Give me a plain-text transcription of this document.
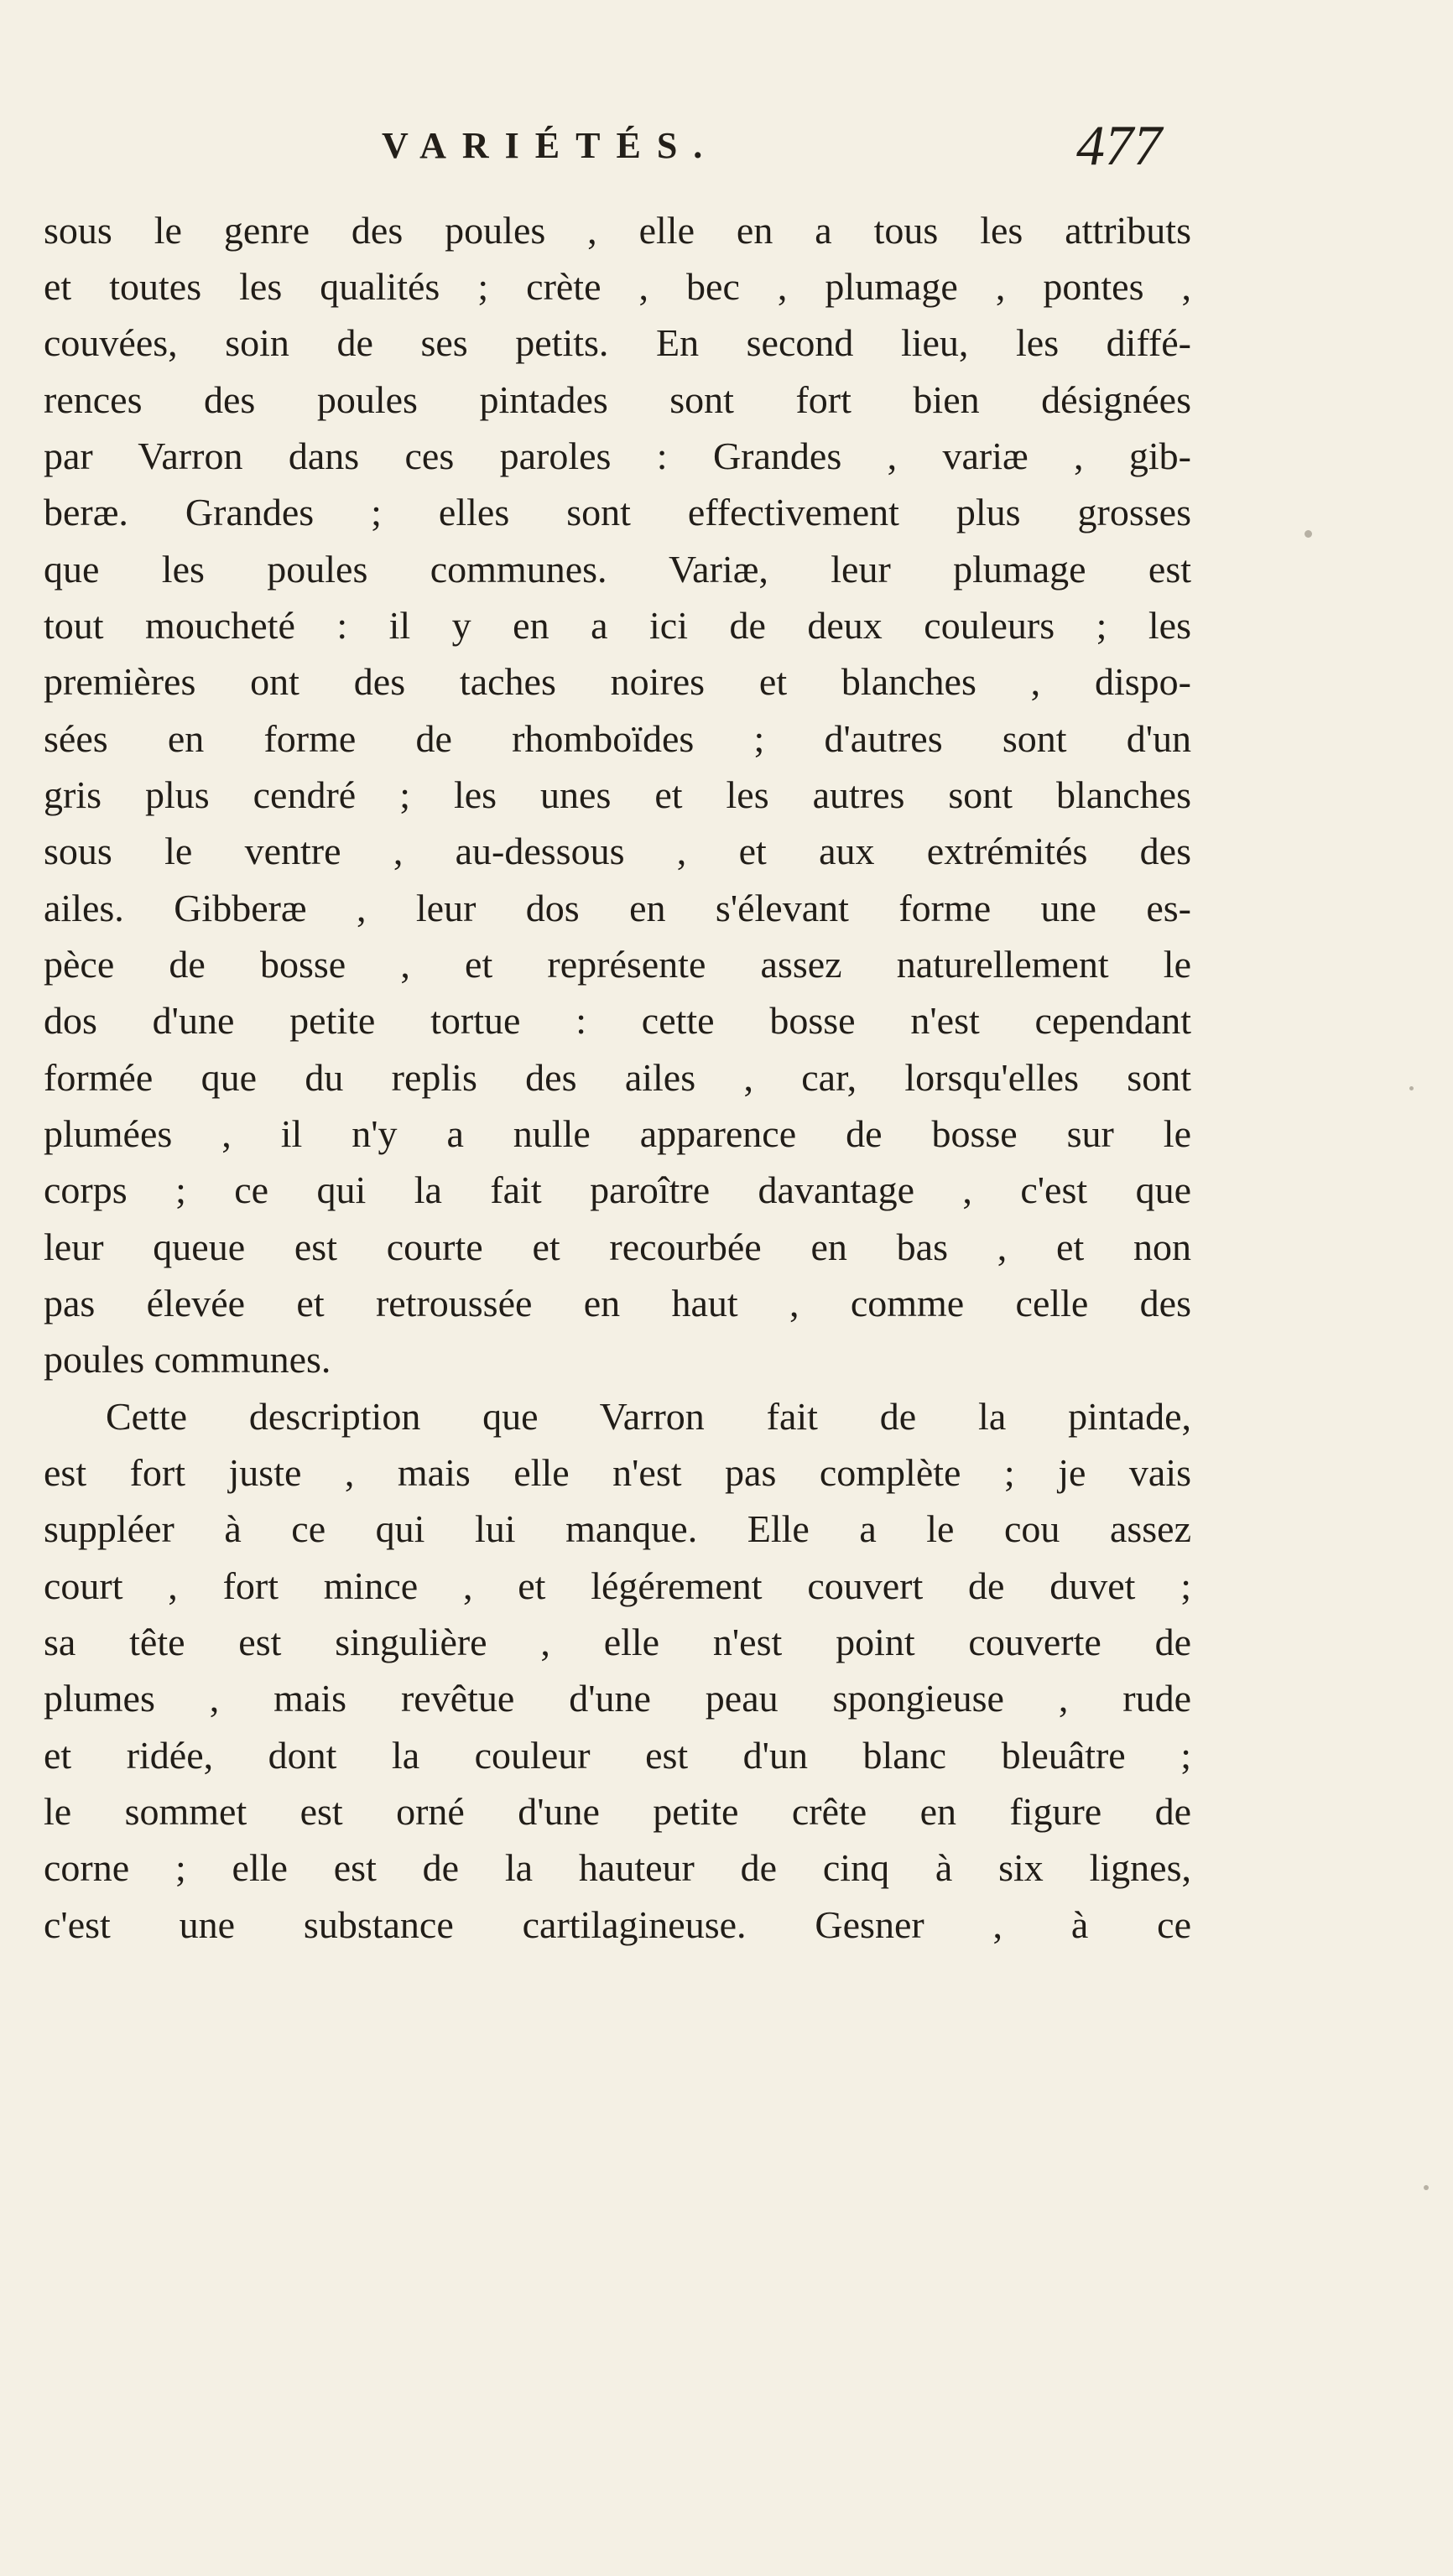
VARIÉTÉS.	477
sous le genre des poules , elle en a tous les attributs
et toutes les qualités ; crète , bec , plumage , pontes ,
couvées, soin de ses petits. En second lieu, les diffé-
rences des poules pintades sont fort bien désignées
par Varron dans ces paroles : Grandes , variæ , gib-
beræ. Grandes ; elles sont effectivement plus grosses
que les poules communes. Variæ, leur plumage est
tout moucheté : il y en a ici de deux couleurs ; les
premières ont des taches noires et blanches , dispo-
sées en forme de rhomboïdes ; d'autres sont d'un
gris plus cendré ; les unes et les autres sont blanches
sous le ventre , au-dessous , et aux extrémités des
ailes. Gibberæ , leur dos en s'élevant forme une es-
pèce de bosse , et représente assez naturellement le
dos d'une petite tortue : cette bosse n'est cependant
formée que du replis des ailes , car, lorsqu'elles sont
plumées , il n'y a nulle apparence de bosse sur le
corps ; ce qui la fait paroître davantage , c'est que
leur queue est courte et recourbée en bas , et non
pas élevée et retroussée en haut , comme celle des
poules communes.
Cette description que Varron fait de la pintade,
est fort juste , mais elle n'est pas complète ; je vais
suppléer à ce qui lui manque. Elle a le cou assez
court , fort mince , et légérement couvert de duvet ;
sa tête est singulière , elle n'est point couverte de
plumes , mais revêtue d'une peau spongieuse , rude
et ridée, dont la couleur est d'un blanc bleuâtre ;
le sommet est orné d'une petite crête en figure de
corne ; elle est de la hauteur de cinq à six lignes,
c'est une substance cartilagineuse. Gesner , à ce
